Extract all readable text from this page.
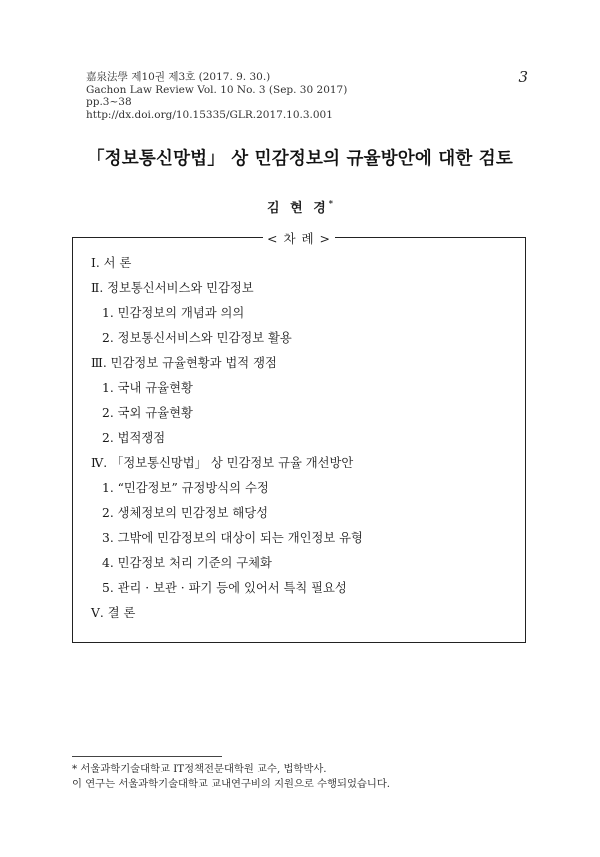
嘉泉法學 제10권 제3호 (2017. 9. 30.)
Gachon Law Review Vol. 10 No. 3 (Sep. 30 2017)
pp.3~38
http://dx.doi.org/10.15335/GLR.2017.10.3.001
3
「정보통신망법」 상 민감정보의 규율방안에 대한 검토
김 현 경*
< 차 례 >
Ⅰ. 서 론
Ⅱ. 정보통신서비스와 민감정보
1. 민감정보의 개념과 의의
2. 정보통신서비스와 민감정보 활용
Ⅲ. 민감정보 규율현황과 법적 쟁점
1. 국내 규율현황
2. 국외 규율현황
2. 법적쟁점
Ⅳ. 「정보통신망법」 상 민감정보 규율 개선방안
1. “민감정보” 규정방식의 수정
2. 생체정보의 민감정보 해당성
3. 그밖에 민감정보의 대상이 되는 개인정보 유형
4. 민감정보 처리 기준의 구체화
5. 관리 · 보관 · 파기 등에 있어서 특칙 필요성
Ⅴ. 결 론
* 서울과학기술대학교 IT정책전문대학원 교수, 법학박사.
이 연구는 서울과학기술대학교 교내연구비의 지원으로 수행되었습니다.
